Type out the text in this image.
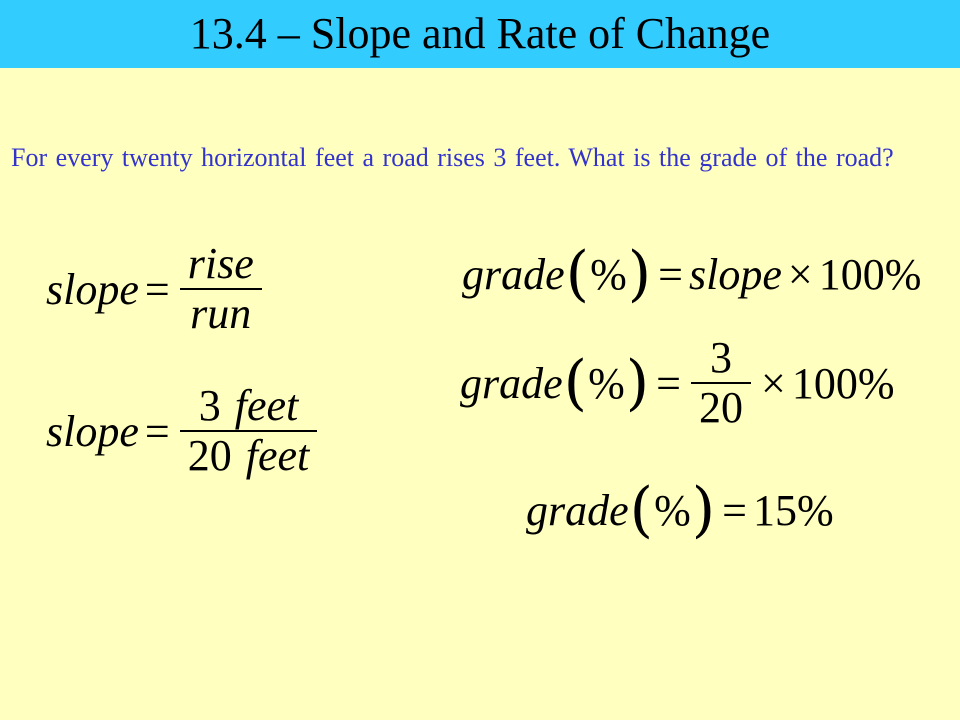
13.4 – Slope and Rate of Change
For every twenty horizontal feet a road rises 3 feet. What is the grade of the road?
slope = $\frac{\text{rise}}{\text{run}}$
slope = $\frac{\text{3 feet}}{\text{20 feet}}$
grade ( % ) = slope × 100%
grade ( % ) = $\frac{3}{20} \times 100\%$
grade ( % ) = 15%
